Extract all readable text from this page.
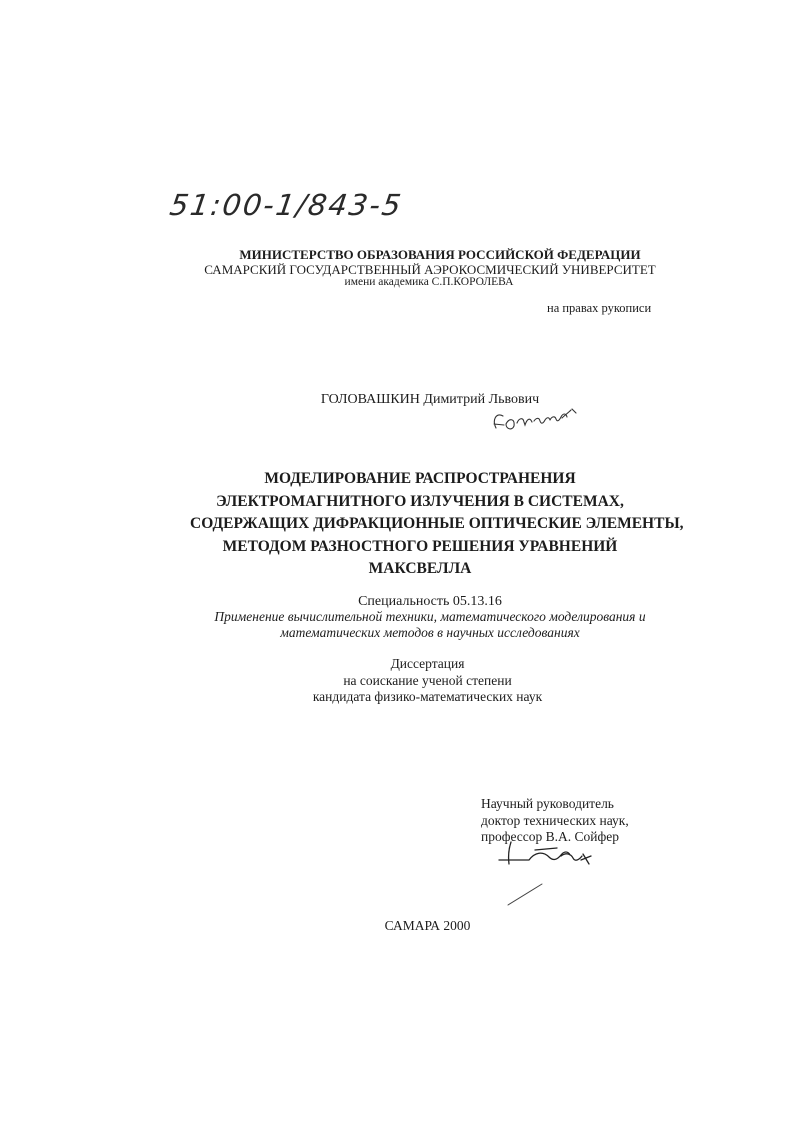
51:00-1/843-5
МИНИСТЕРСТВО ОБРАЗОВАНИЯ РОССИЙСКОЙ ФЕДЕРАЦИИ
САМАРСКИЙ ГОСУДАРСТВЕННЫЙ АЭРОКОСМИЧЕСКИЙ УНИВЕРСИТЕТ
имени академика С.П.КОРОЛЕВА
на правах рукописи
ГОЛОВАШКИН Димитрий Львович
МОДЕЛИРОВАНИЕ РАСПРОСТРАНЕНИЯ
ЭЛЕКТРОМАГНИТНОГО ИЗЛУЧЕНИЯ В СИСТЕМАХ,
СОДЕРЖАЩИХ ДИФРАКЦИОННЫЕ ОПТИЧЕСКИЕ ЭЛЕМЕНТЫ,
МЕТОДОМ РАЗНОСТНОГО РЕШЕНИЯ УРАВНЕНИЙ
МАКСВЕЛЛА
Специальность 05.13.16
Применение вычислительной техники, математического моделирования и
математических методов в научных исследованиях
Диссертация
на соискание ученой степени
кандидата физико-математических наук
Научный руководитель
доктор технических наук,
профессор В.А. Сойфер
САМАРА 2000
